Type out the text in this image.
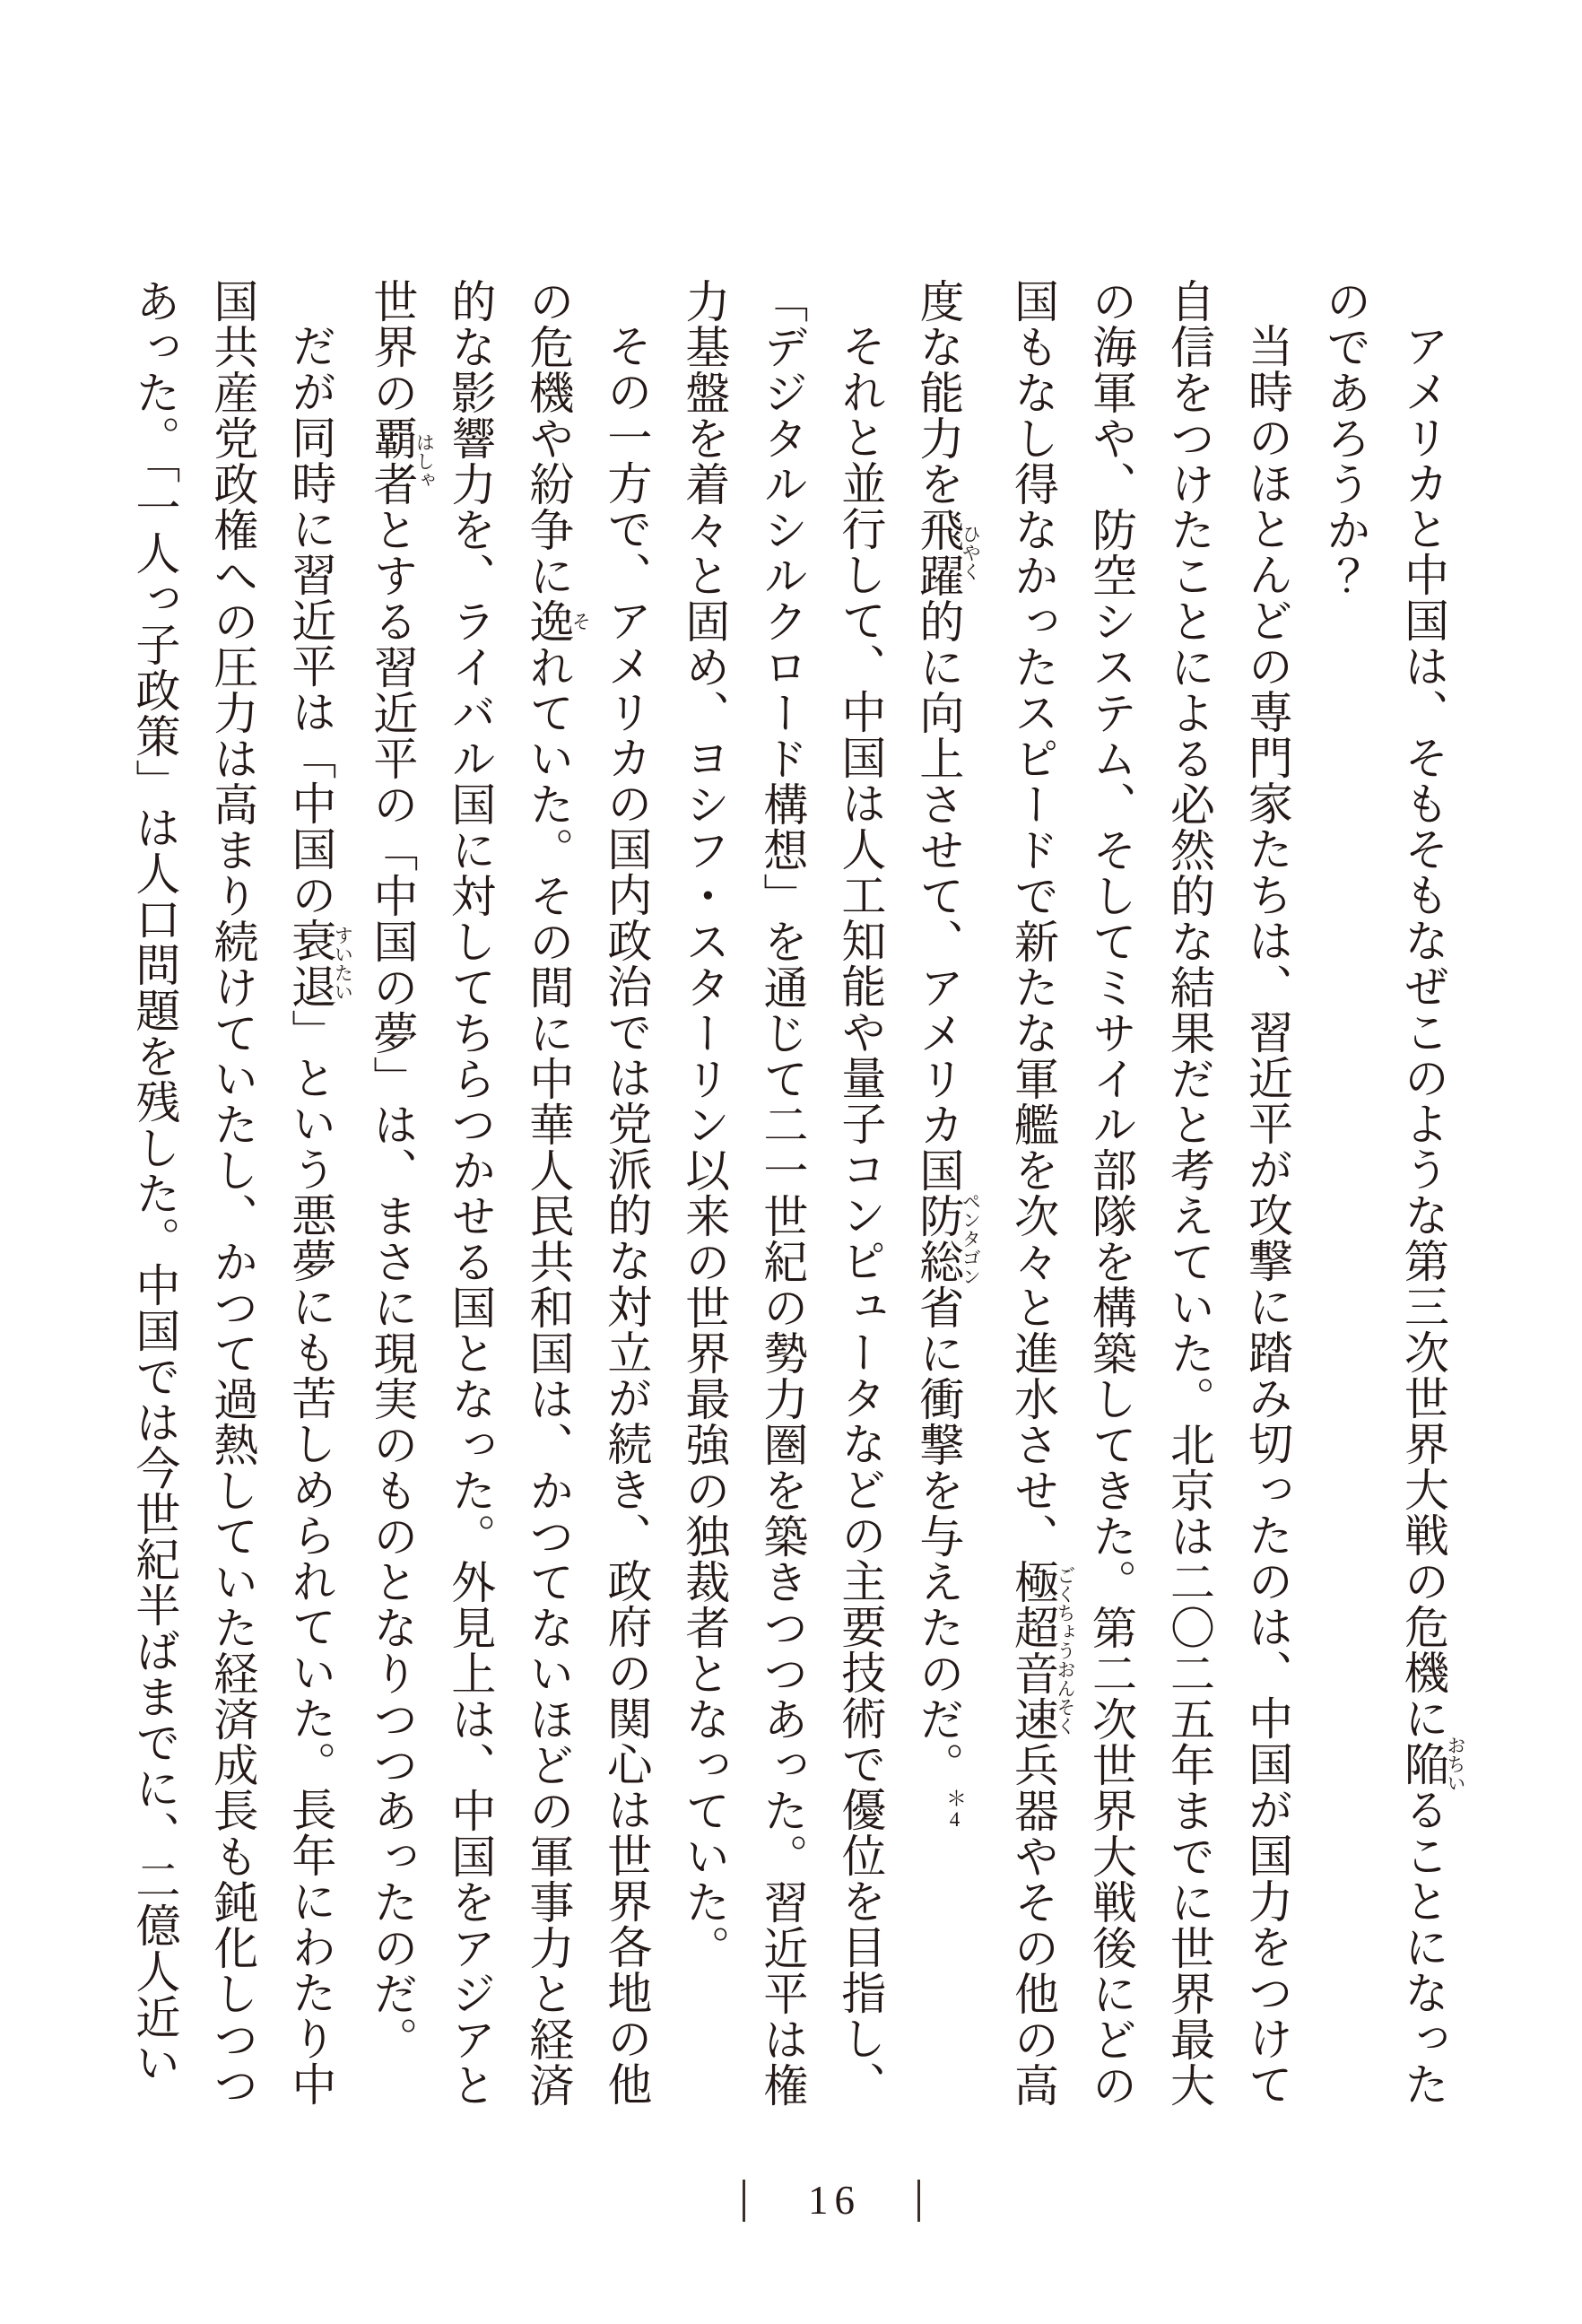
アメリカと中国は、そもそもなぜこのような第三次世界大戦の危機に陥おちいることになったのであろうか？

当時のほとんどの専門家たちは、習近平が攻撃に踏み切ったのは、中国が国力をつけて自信をつけたことによる必然的な結果だと考えていた。北京は二〇二五年までに世界最大の海軍や、防空システム、そしてミサイル部隊を構築してきた。第二次世界大戦後にどの国もなし得なかったスピードで新たな軍艦を次々と進水させ、極超音速ごくちょうおんそく兵器やその他の高度な能力を飛躍ひやく的に向上させて、アメリカ国防総省ペンタゴンに衝撃を与えたのだ。$^{*4}$

それと並行して、中国は人工知能や量子コンピュータなどの主要技術で優位を目指し、「デジタルシルクロード構想」を通じて二一世紀の勢力圏を築きつつあった。習近平は権力基盤を着々と固め、ヨシフ・スターリン以来の世界最強の独裁者となっていた。

その一方で、アメリカの国内政治では党派的な対立が続き、政府の関心は世界各地の他の危機や紛争に逸それていた。その間に中華人民共和国は、かつてないほどの軍事力と経済的な影響力を、ライバル国に対してちらつかせる国となった。外見上は、中国をアジアと世界の覇者はしゃとする習近平の「中国の夢」は、まさに現実のものとなりつつあったのだ。

だが同時に習近平は「中国の衰退すいたい」という悪夢にも苦しめられていた。長年にわたり中国共産党政権への圧力は高まり続けていたし、かつて過熱していた経済成長も鈍化しつつあった。「一人っ子政策」は人口問題を残した。中国では今世紀半ばまでに、二億人近い

16
